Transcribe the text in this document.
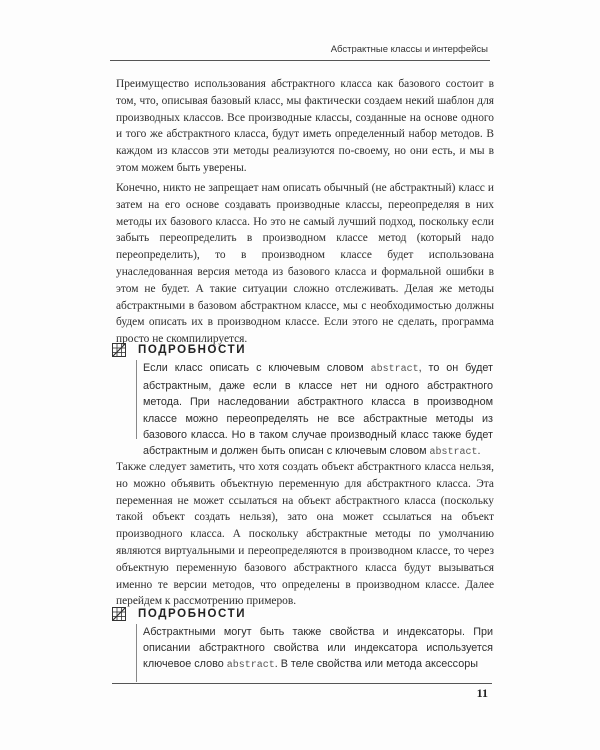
Абстрактные классы и интерфейсы

Преимущество использования абстрактного класса как базового состоит в том, что, описывая базовый класс, мы фактически создаем некий шаблон для производных классов. Все производные классы, созданные на основе одного и того же абстрактного класса, будут иметь определенный набор методов. В каждом из классов эти методы реализуются по-своему, но они есть, и мы в этом можем быть уверены.

Конечно, никто не запрещает нам описать обычный (не абстрактный) класс и затем на его основе создавать производные классы, переопределяя в них методы их базового класса. Но это не самый лучший подход, поскольку если забыть переопределить в производном классе метод (который надо переопределить), то в производном классе будет использована унаследованная версия метода из базового класса и формальной ошибки в этом не будет. А такие ситуации сложно отслеживать. Делая же методы абстрактными в базовом абстрактном классе, мы с необходимостью должны будем описать их в производном классе. Если этого не сделать, программа просто не скомпилируется.

ПОДРОБНОСТИ

Если класс описать с ключевым словом abstract, то он будет абстрактным, даже если в классе нет ни одного абстрактного метода. При наследовании абстрактного класса в производном классе можно переопределять не все абстрактные методы из базового класса. Но в таком случае производный класс также будет абстрактным и должен быть описан с ключевым словом abstract.

Также следует заметить, что хотя создать объект абстрактного класса нельзя, но можно объявить объектную переменную для абстрактного класса. Эта переменная не может ссылаться на объект абстрактного класса (поскольку такой объект создать нельзя), зато она может ссылаться на объект производного класса. А поскольку абстрактные методы по умолчанию являются виртуальными и переопределяются в производном классе, то через объектную переменную базового абстрактного класса будут вызываться именно те версии методов, что определены в производном классе. Далее перейдем к рассмотрению примеров.

ПОДРОБНОСТИ

Абстрактными могут быть также свойства и индексаторы. При описании абстрактного свойства или индексатора используется ключевое слово abstract. В теле свойства или метода аксессоры

11
